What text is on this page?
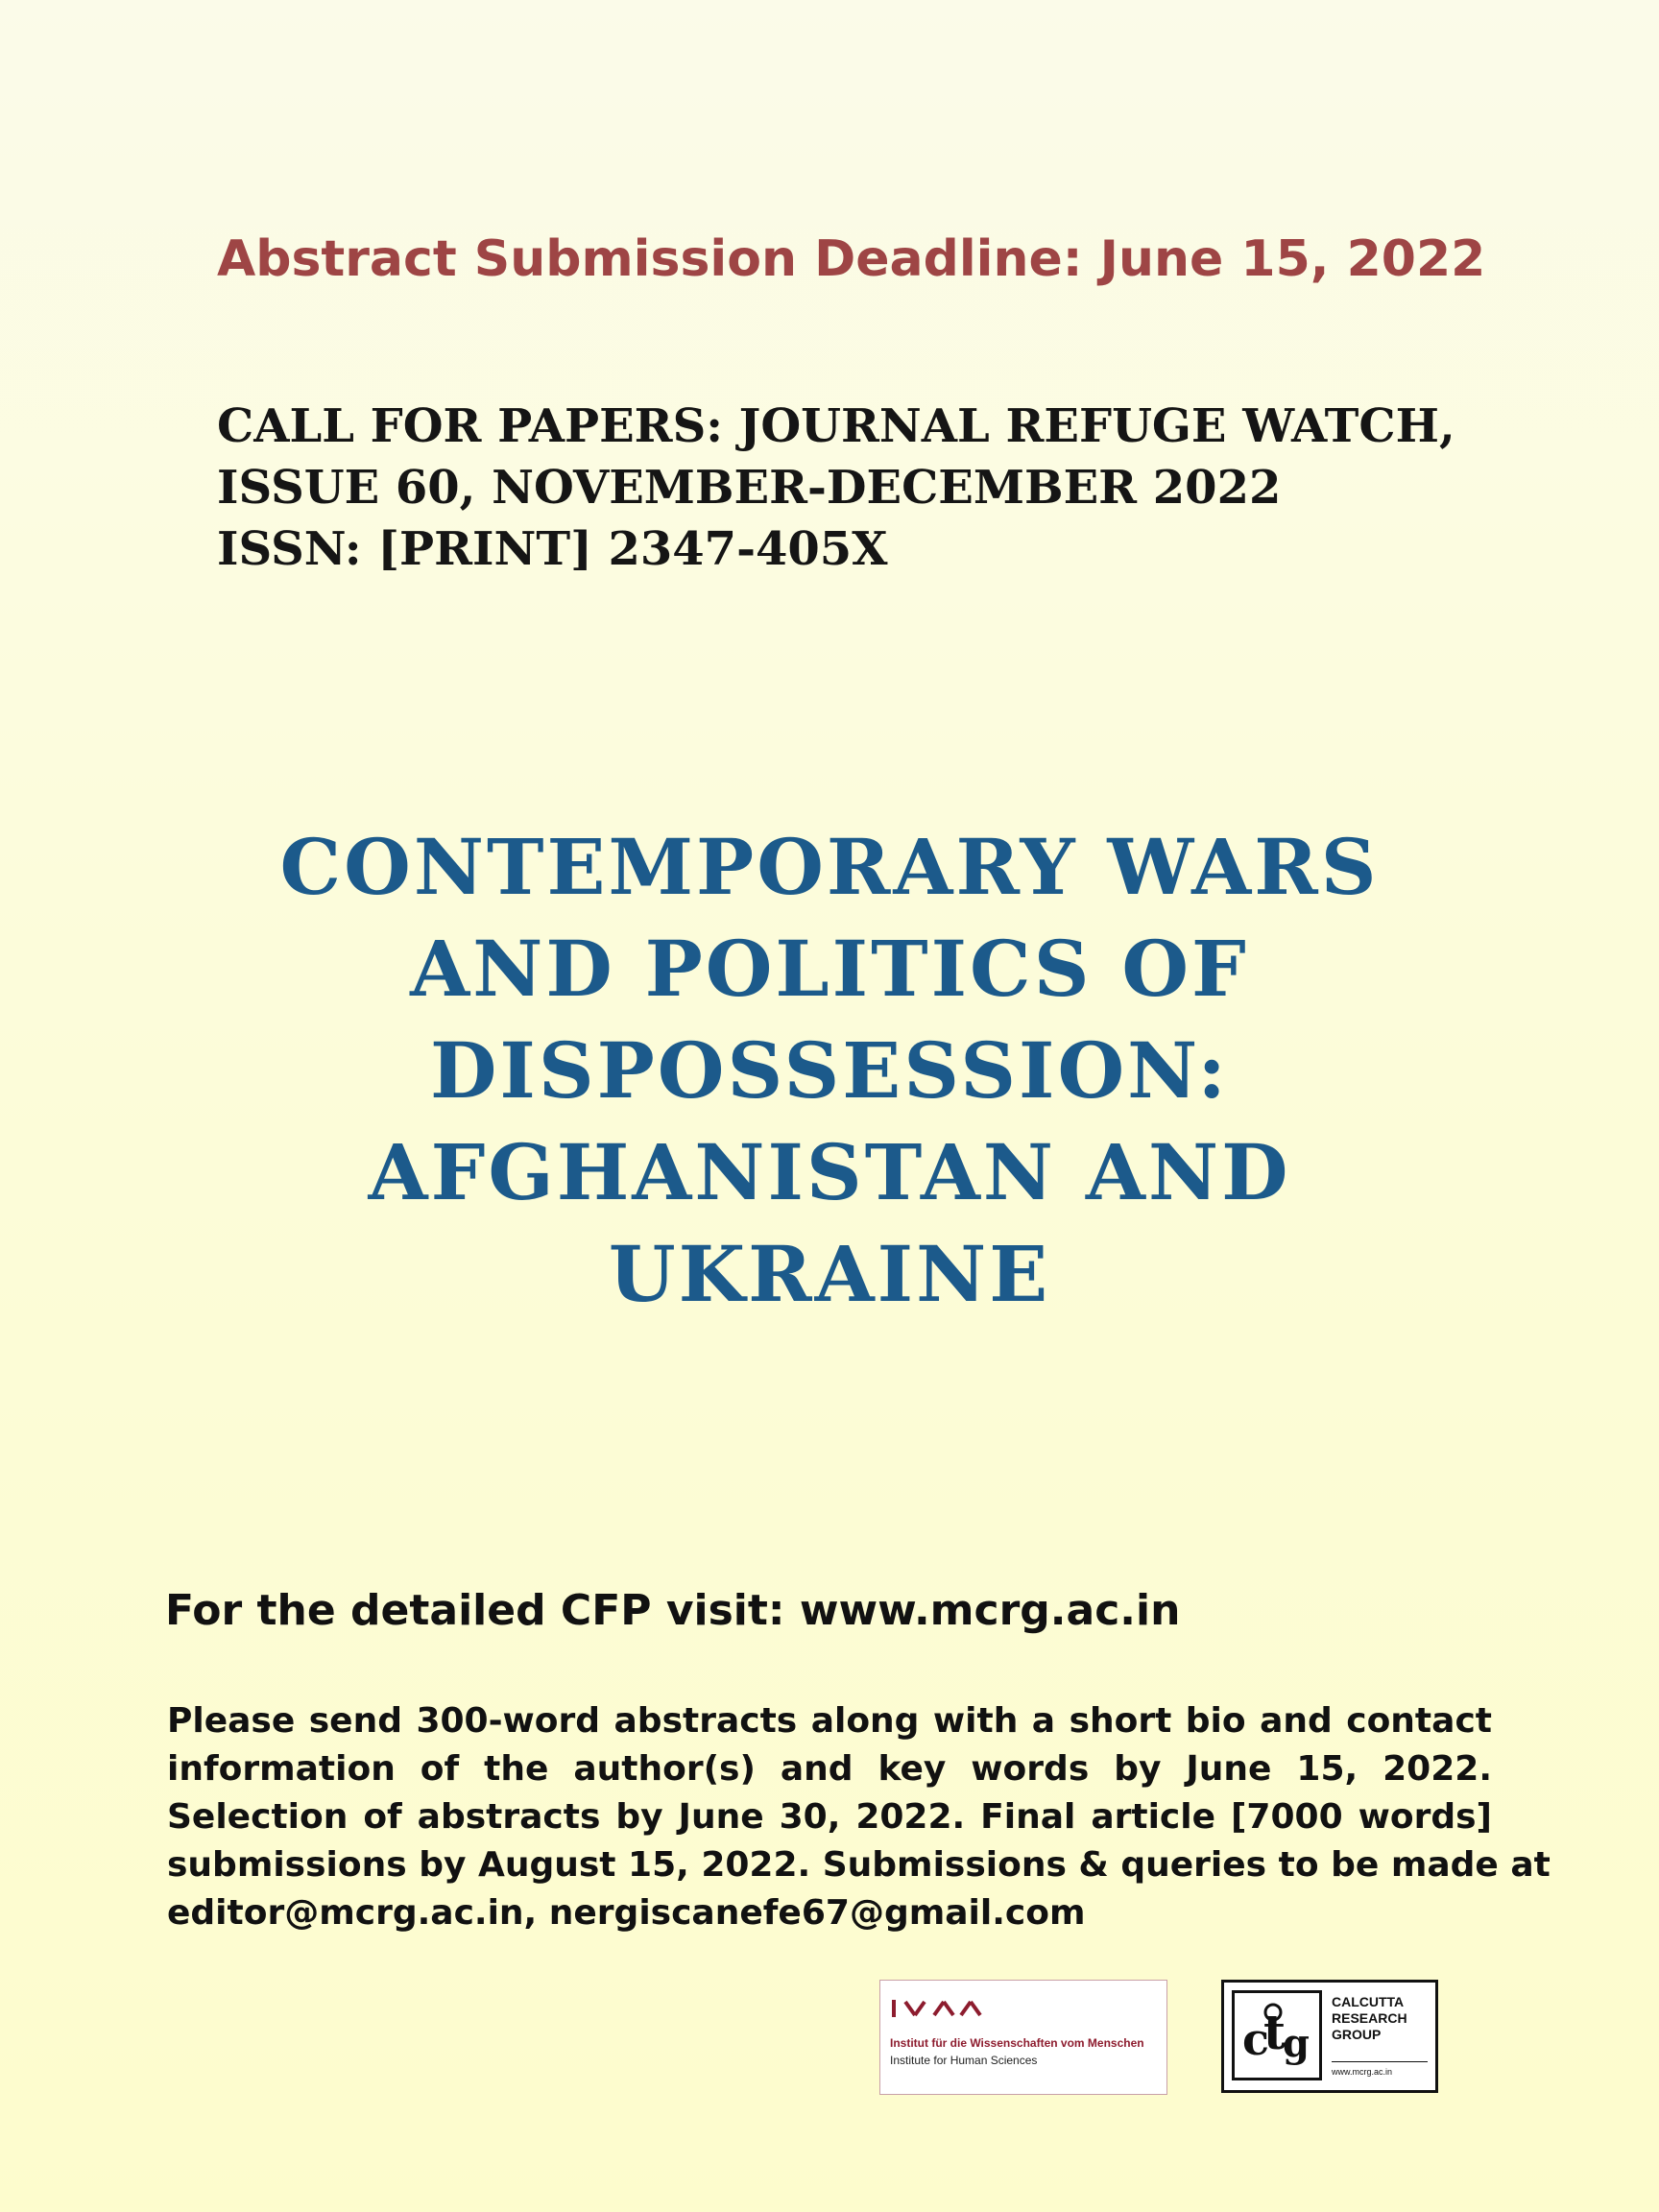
Abstract Submission Deadline: June 15, 2022
CALL FOR PAPERS: JOURNAL REFUGE WATCH,
ISSUE 60, NOVEMBER-DECEMBER 2022
ISSN: [PRINT] 2347-405X
CONTEMPORARY WARS
AND POLITICS OF
DISPOSSESSION:
AFGHANISTAN AND
UKRAINE
For the detailed CFP visit: www.mcrg.ac.in
Please send 300-word abstracts along with a short bio and contact
information of the author(s) and key words by June 15, 2022.
Selection of abstracts by June 30, 2022. Final article [7000 words]
submissions by August 15, 2022. Submissions & queries to be made at
editor@mcrg.ac.in, nergiscanefe67@gmail.com
Institut für die Wissenschaften vom Menschen
Institute for Human Sciences	c
t
g
CALCUTTA
RESEARCH
GROUP
www.mcrg.ac.in
